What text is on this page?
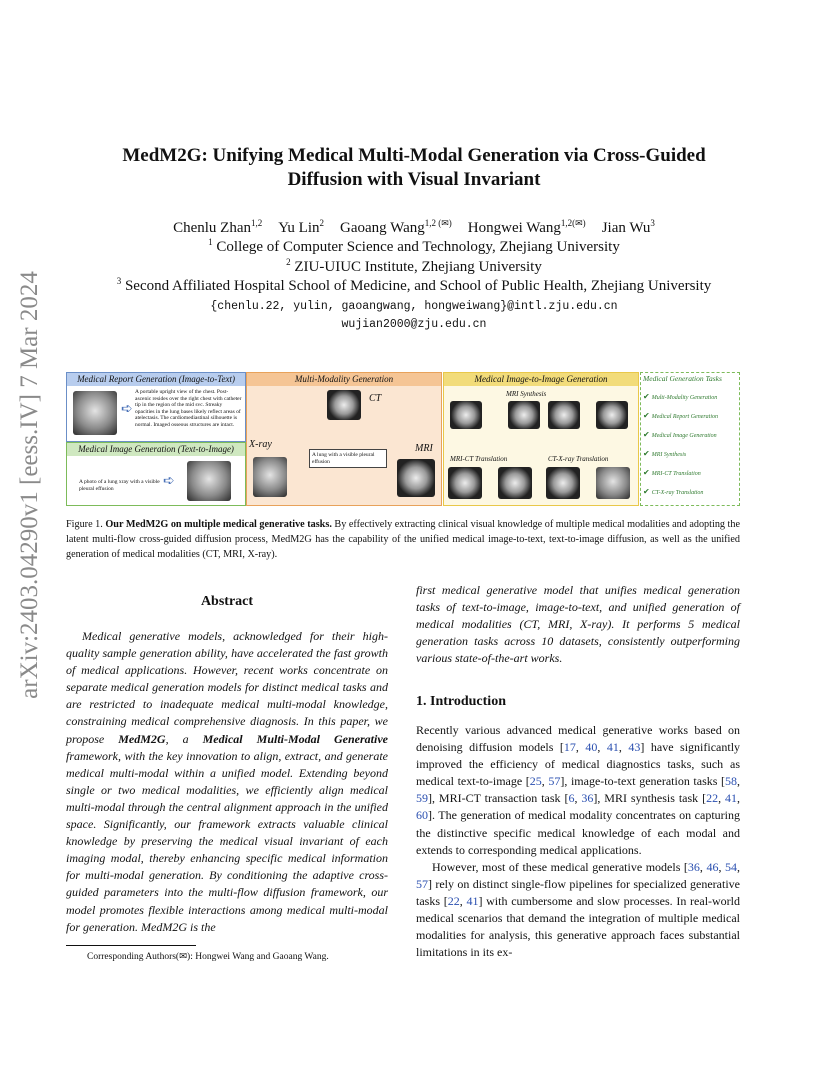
arXiv:2403.04290v1 [eess.IV] 7 Mar 2024
MedM2G: Unifying Medical Multi-Modal Generation via Cross-Guided
Diffusion with Visual Invariant
Chenlu Zhan$^{1,2}$ Yu Lin$^2$ Gaoang Wang$^{1,2 (✉)}$ Hongwei Wang$^{1,2(✉)}$ Jian Wu$^3$
$^1$ College of Computer Science and Technology, Zhejiang University
$^2$ ZIU-UIUC Institute, Zhejiang University
$^3$ Second Affiliated Hospital School of Medicine, and School of Public Health, Zhejiang University
{chenlu.22, yulin, gaoangwang, hongweiwang}@intl.zju.edu.cn
wujian2000@zju.edu.cn
Medical Report Generation (Image-to-Text)
➪
A portable upright view of the chest. Post-ascenic resides over the right chest with catheter tip in the region of the mid svc. Streaky opacities in the lung bases likely reflect areas of atelectasis. The cardiomediastinal silhouette is normal. Imaged osseous structures are intact.
Medical Image Generation (Text-to-Image)
A photo of a lung xray with a visible pleural effusion	➪
Multi-Modality Generation
CT
X-ray	MRI
A lung with a visible pleural effusion
Medical Image-to-Image Generation
MRI Synthesis
MRI-CT Translation	CT-X-ray Translation
Medical Generation Tasks
✔ Multi-Modality Generation
✔ Medical Report Generation
✔ Medical Image Generation
✔ MRI Synthesis
✔ MRI-CT Translation
✔ CT-X-ray Translation
Figure 1. Our MedM2G on multiple medical generative tasks. By effectively extracting clinical visual knowledge of multiple medical modalities and adopting the latent multi-flow cross-guided diffusion process, MedM2G has the capability of the unified medical image-to-text, text-to-image diffusion, as well as the unified generation of medical modalities (CT, MRI, X-ray).
Abstract

Medical generative models, acknowledged for their high-quality sample generation ability, have accelerated the fast growth of medical applications. However, recent works concentrate on separate medical generation models for distinct medical tasks and are restricted to inadequate medical multi-modal knowledge, constraining medical comprehensive diagnosis. In this paper, we propose MedM2G, a Medical Multi-Modal Generative framework, with the key innovation to align, extract, and generate medical multi-modal within a unified model. Extending beyond single or two medical modalities, we efficiently align medical multi-modal through the central alignment approach in the unified space. Significantly, our framework extracts valuable clinical knowledge by preserving the medical visual invariant of each imaging modal, thereby enhancing specific medical information for multi-modal generation. By conditioning the adaptive cross-guided parameters into the multi-flow diffusion framework, our model promotes flexible interactions among medical multi-modal for generation. MedM2G is the

first medical generative model that unifies medical generation tasks of text-to-image, image-to-text, and unified generation of medical modalities (CT, MRI, X-ray). It performs 5 medical generation tasks across 10 datasets, consistently outperforming various state-of-the-art works.
1. Introduction

Recently various advanced medical generative works based on denoising diffusion models [17, 40, 41, 43] have significantly improved the efficiency of medical diagnostics tasks, such as medical text-to-image [25, 57], image-to-text generation tasks [58, 59], MRI-CT transaction task [6, 36], MRI synthesis task [22, 41, 60]. The generation of medical modality concentrates on capturing the distinctive specific medical knowledge of each modal and extends to corresponding medical applications.

However, most of these medical generative models [36, 46, 54, 57] rely on distinct single-flow pipelines for specialized generative tasks [22, 41] with cumbersome and slow processes. In real-world medical scenarios that demand the integration of multiple medical modalities for analysis, this generative approach faces substantial limitations in its ex-

Corresponding Authors(✉): Hongwei Wang and Gaoang Wang.
